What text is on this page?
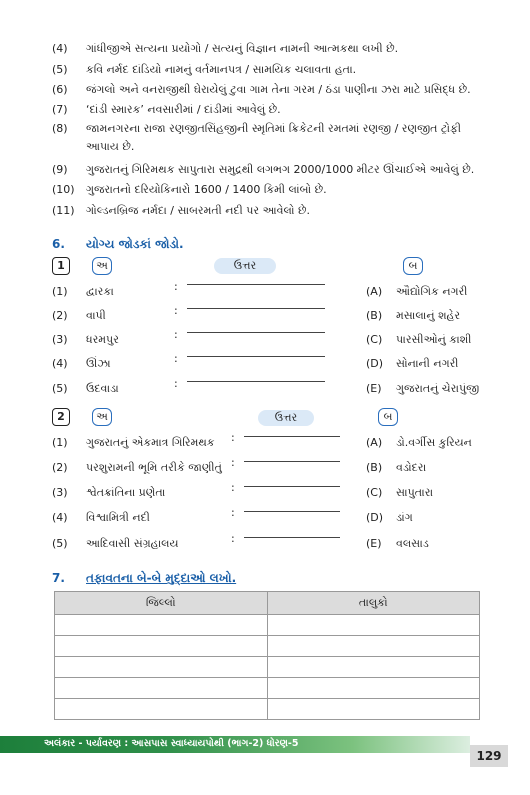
(4) ગાંધીજીએ સત્યના પ્રયોગો / સત્યનું વિજ્ઞાન નામની આત્મકથા લખી છે.
(5) કવિ નર્મદ દાંડિયો નામનું વર્તમાનપત્ર / સામયિક ચલાવતા હતા.
(6) જંગલો અને વનરાજીથી ઘેરાયેલું ટુવા ગામ તેના ગરમ / ઠંડા પાણીના ઝરા માટે પ્રસિદ્ધ છે.
(7) ‘દાંડી સ્મારક’ નવસારીમાં / દાંડીમાં આવેલું છે.
(8) જામનગરના રાજા રણજીતસિંહજીની સ્મૃતિમાં ક્રિકેટની રમતમાં રણજી / રણજીત ટ્રોફી
આપાય છે.
(9) ગુજરાતનું ગિરિમથક સાપુતારા સમુદ્રથી લગભગ 2000/1000 મીટર ઊંચાઈએ આવેલું છે.
(10) ગુજરાતનો દરિયોકિનારો 1600 / 1400 કિમી લાંબો છે.
(11) ગોલ્ડનબ્રિજ નર્મદા / સાબરમતી નદી પર આવેલો છે.
6. યોગ્ય જોડકાં જોડો.
1	અ	ઉત્તર	બ
(1) દ્વારકા	:	(A) ઔદ્યોગિક નગરી
(2) વાપી	:	(B) મસાલાનું શહેર
(3) ધરમપુર	:	(C) પારસીઓનું કાશી
(4) ઊંઝા	:	(D) સોનાની નગરી
(5) ઉદવાડા	:	(E) ગુજરાતનું ચેરાપુંજી
2	અ	ઉત્તર	બ
(1) ગુજરાતનું એકમાત્ર ગિરિમથક :	(A) ડો.વર્ગીસ કુરિયન
(2) પરશુરામની ભૂમિ તરીકે જાણીતું :	(B) વડોદરા
(3) શ્વેતક્રાંતિના પ્રણેતા	:	(C) સાપુતારા
(4) વિશ્વામિત્રી નદી	:	(D) ડાંગ
(5) આદિવાસી સંગ્રહાલય	:	(E) વલસાડ
7. તફાવતના બે-બે મુદ્દાઓ લખો.
જિલ્લો	તાલુકો

અલંકાર - પર્યાવરણ : આસપાસ સ્વાધ્યાયપોથી (ભાગ-2) ધોરણ-5
129
